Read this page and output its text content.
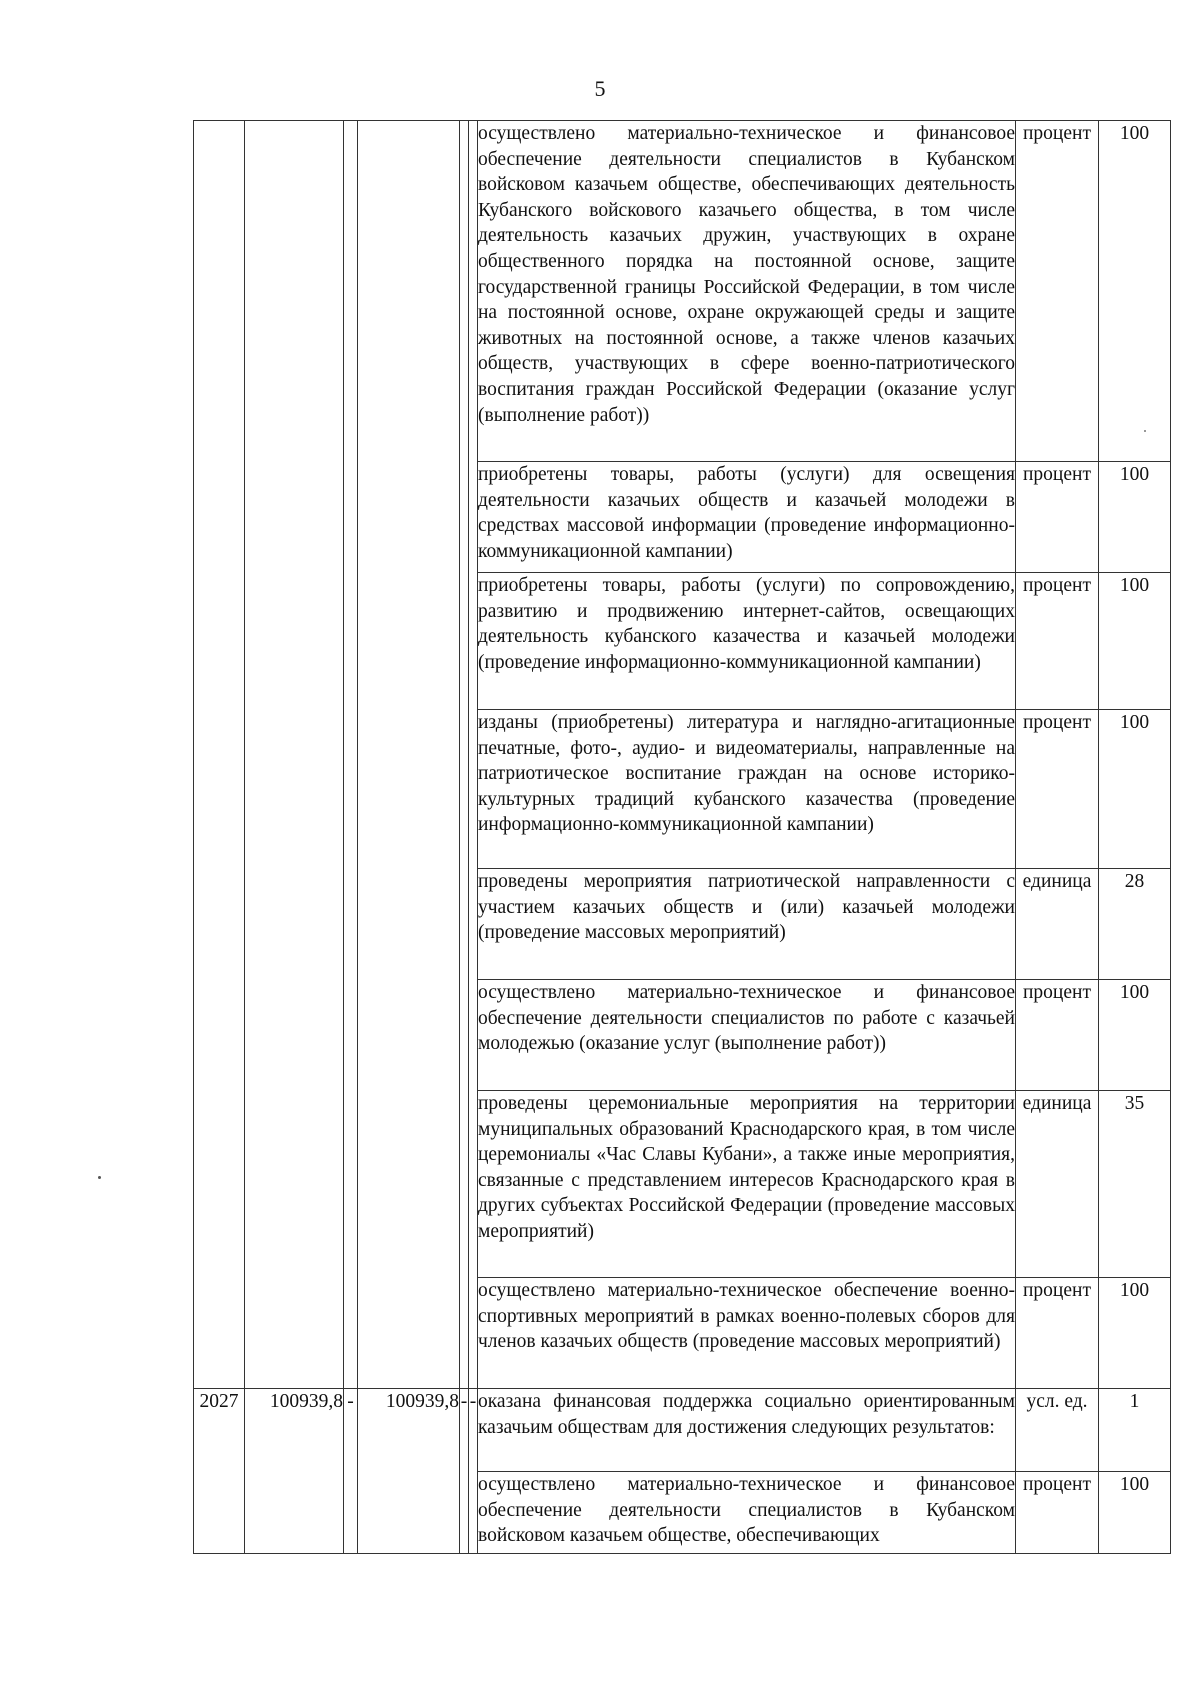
5
						осуществлено материально-техническое и финансовое обеспечение деятельности специалистов в Кубанском войсковом казачьем обществе, обеспечивающих деятельность Кубанского войскового казачьего общества, в том числе деятельность казачьих дружин, участвующих в охране общественного порядка на постоянной основе, защите государственной границы Российской Федерации, в том числе на постоянной основе, охране окружающей среды и защите животных на постоянной основе, а также членов казачьих обществ, участвующих в сфере военно-патриотического воспитания граждан Российской Федерации (оказание услуг (выполнение работ))	процент	100
						приобретены товары, работы (услуги) для освещения деятельности казачьих обществ и казачьей молодежи в средствах массовой информации (проведение информационно-коммуникационной кампании)	процент	100
						приобретены товары, работы (услуги) по сопровождению, развитию и продвижению интернет-сайтов, освещающих деятельность кубанского казачества и казачьей молодежи (проведение информационно-коммуникационной кампании)	процент	100
						изданы (приобретены) литература и наглядно-агитационные печатные, фото-, аудио- и видеоматериалы, направленные на патриотическое воспитание граждан на основе историко-культурных традиций кубанского казачества (проведение информационно-коммуникационной кампании)	процент	100
						проведены мероприятия патриотической направленности с участием казачьих обществ и (или) казачьей молодежи (проведение массовых мероприятий)	единица	28
						осуществлено материально-техническое и финансовое обеспечение деятельности специалистов по работе с казачьей молодежью (оказание услуг (выполнение работ))	процент	100
						проведены церемониальные мероприятия на территории муниципальных образований Краснодарского края, в том числе церемониалы «Час Славы Кубани», а также иные мероприятия, связанные с представлением интересов Краснодарского края в других субъектах Российской Федерации (проведение массовых мероприятий)	единица	35
						осуществлено материально-техническое обеспечение военно-спортивных мероприятий в рамках военно-полевых сборов для членов казачьих обществ (проведение массовых мероприятий)	процент	100
2027	100939,8	-	100939,8	-	-	оказана финансовая поддержка социально ориентированным казачьим обществам для достижения следующих результатов:	усл. ед.	1
						осуществлено материально-техническое и финансовое обеспечение деятельности специалистов в Кубанском войсковом казачьем обществе, обеспечивающих	процент	100
